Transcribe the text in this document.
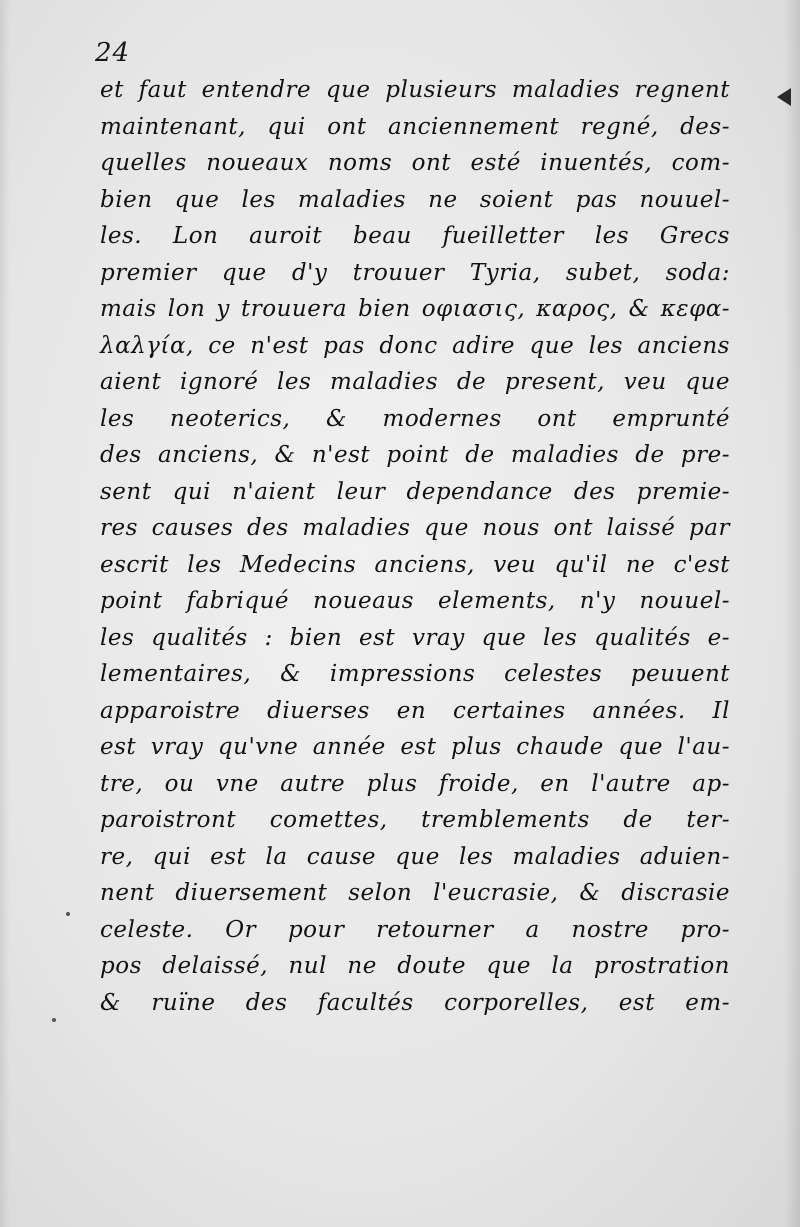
24
et faut entendre que plusieurs maladies regnent
maintenant, qui ont anciennement regné, des-
quelles noueaux noms ont esté inuentés, com-
bien que les maladies ne soient pas nouuel-
les. Lon auroit beau fueilletter les Grecs
premier que d'y trouuer Tyria, subet, soda:
mais lon y trouuera bien οφιασις, καρος, & κεφα-
λαλγία, ce n'est pas donc adire que les anciens
aient ignoré les maladies de present, veu que
les neoterics, & modernes ont emprunté
des anciens, & n'est point de maladies de pre-
sent qui n'aient leur dependance des premie-
res causes des maladies que nous ont laissé par
escrit les Medecins anciens, veu qu'il ne c'est
point fabriqué noueaus elements, n'y nouuel-
les qualités : bien est vray que les qualités e-
lementaires, & impressions celestes peuuent
apparoistre diuerses en certaines années. Il
est vray qu'vne année est plus chaude que l'au-
tre, ou vne autre plus froide, en l'autre ap-
paroistront comettes, tremblements de ter-
re, qui est la cause que les maladies aduien-
nent diuersement selon l'eucrasie, & discrasie
celeste. Or pour retourner a nostre pro-
pos delaissé, nul ne doute que la prostration
& ruïne des facultés corporelles, est em-
